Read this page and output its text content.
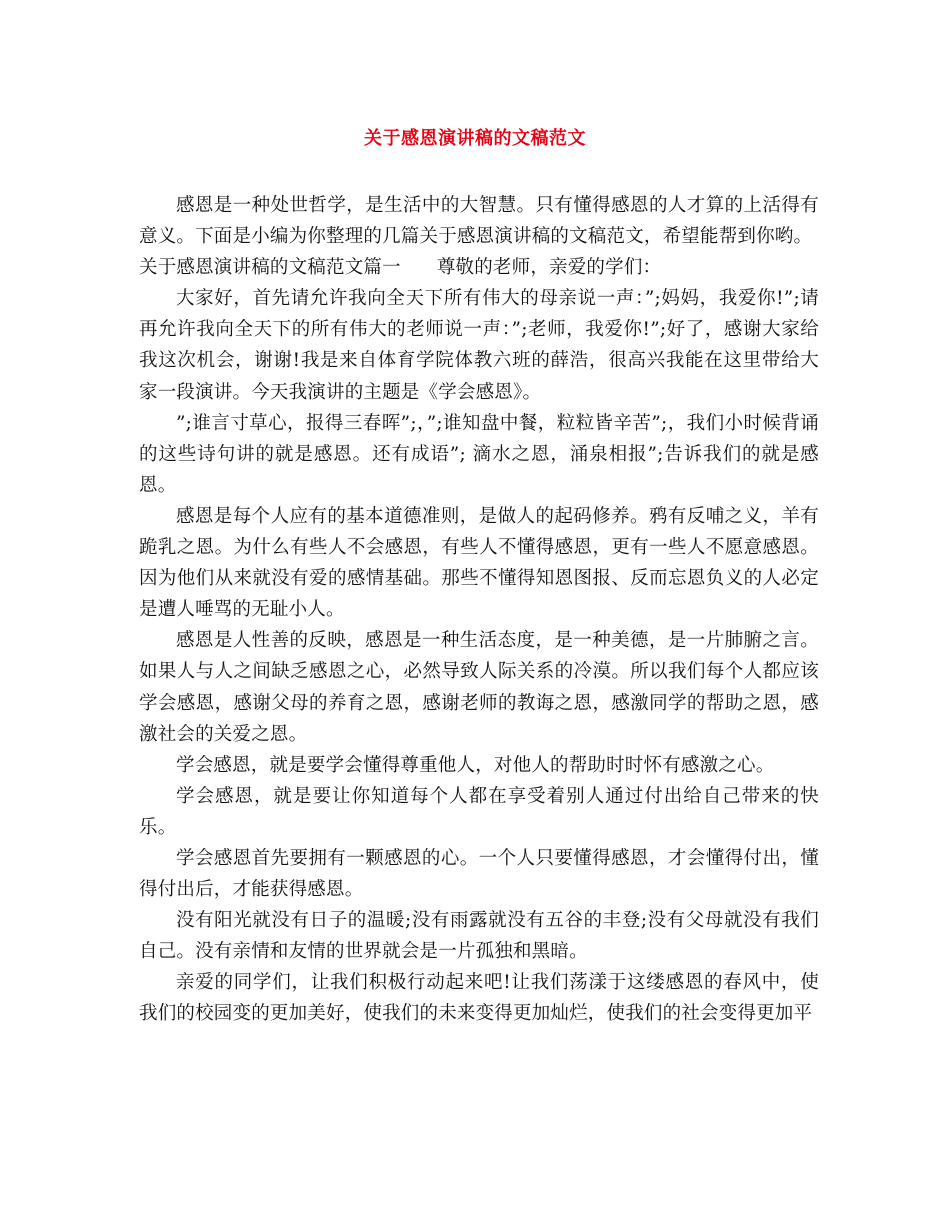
关于感恩演讲稿的文稿范文

感恩是一种处世哲学，是生活中的大智慧。只有懂得感恩的人才算的上活得有意义。下面是小编为你整理的几篇关于感恩演讲稿的文稿范文，希望能帮到你哟。

关于感恩演讲稿的文稿范文篇一 尊敬的老师，亲爱的学们：

大家好，首先请允许我向全天下所有伟大的母亲说一声：”;妈妈，我爱你!”;请再允许我向全天下的所有伟大的老师说一声：”;老师，我爱你!”;好了，感谢大家给我这次机会，谢谢!我是来自体育学院体教六班的薛浩，很高兴我能在这里带给大家一段演讲。今天我演讲的主题是《学会感恩》。

”;谁言寸草心，报得三春晖”;，”;谁知盘中餐，粒粒皆辛苦”;，我们小时候背诵的这些诗句讲的就是感恩。还有成语”; 滴水之恩，涌泉相报”;告诉我们的就是感恩。

感恩是每个人应有的基本道德准则，是做人的起码修养。鸦有反哺之义，羊有跪乳之恩。为什么有些人不会感恩，有些人不懂得感恩，更有一些人不愿意感恩。因为他们从来就没有爱的感情基础。那些不懂得知恩图报、反而忘恩负义的人必定是遭人唾骂的无耻小人。

感恩是人性善的反映，感恩是一种生活态度，是一种美德，是一片肺腑之言。如果人与人之间缺乏感恩之心，必然导致人际关系的冷漠。所以我们每个人都应该学会感恩，感谢父母的养育之恩，感谢老师的教诲之恩，感激同学的帮助之恩，感激社会的关爱之恩。

学会感恩，就是要学会懂得尊重他人，对他人的帮助时时怀有感激之心。

学会感恩，就是要让你知道每个人都在享受着别人通过付出给自己带来的快乐。

学会感恩首先要拥有一颗感恩的心。一个人只要懂得感恩，才会懂得付出，懂得付出后，才能获得感恩。

没有阳光就没有日子的温暖;没有雨露就没有五谷的丰登;没有父母就没有我们自己。没有亲情和友情的世界就会是一片孤独和黑暗。

亲爱的同学们，让我们积极行动起来吧!让我们荡漾于这缕感恩的春风中，使我们的校园变的更加美好，使我们的未来变得更加灿烂，使我们的社会变得更加平
